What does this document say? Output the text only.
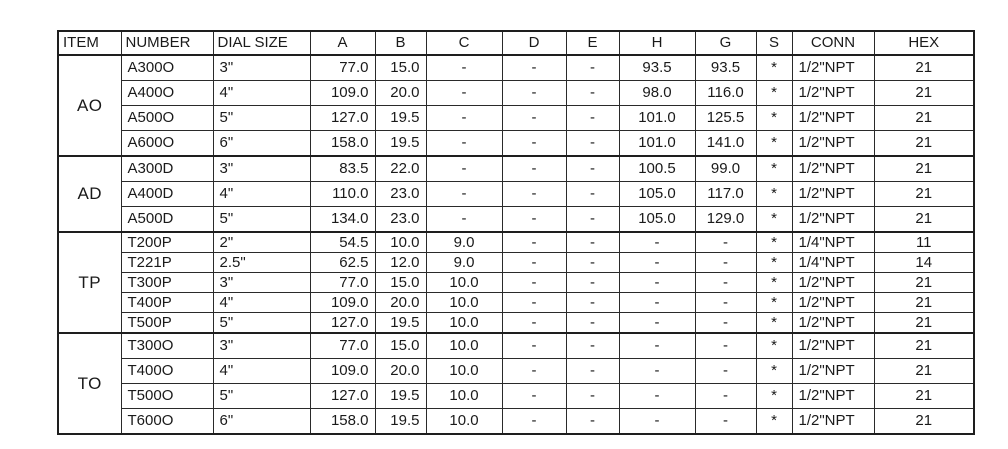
ITEM	NUMBER	DIAL SIZE	A	B	C	D	E	H	G	S	CONN	HEX
AO	A300O	3"	77.0	15.0	-	-	-	93.5	93.5	*	1/2"NPT	21
	A400O	4"	109.0	20.0	-	-	-	98.0	116.0	*	1/2"NPT	21
	A500O	5"	127.0	19.5	-	-	-	101.0	125.5	*	1/2"NPT	21
	A600O	6"	158.0	19.5	-	-	-	101.0	141.0	*	1/2"NPT	21
AD	A300D	3"	83.5	22.0	-	-	-	100.5	99.0	*	1/2"NPT	21
	A400D	4"	110.0	23.0	-	-	-	105.0	117.0	*	1/2"NPT	21
	A500D	5"	134.0	23.0	-	-	-	105.0	129.0	*	1/2"NPT	21
TP	T200P	2"	54.5	10.0	9.0	-	-	-	-	*	1/4"NPT	11
	T221P	2.5"	62.5	12.0	9.0	-	-	-	-	*	1/4"NPT	14
	T300P	3"	77.0	15.0	10.0	-	-	-	-	*	1/2"NPT	21
	T400P	4"	109.0	20.0	10.0	-	-	-	-	*	1/2"NPT	21
	T500P	5"	127.0	19.5	10.0	-	-	-	-	*	1/2"NPT	21
TO	T300O	3"	77.0	15.0	10.0	-	-	-	-	*	1/2"NPT	21
	T400O	4"	109.0	20.0	10.0	-	-	-	-	*	1/2"NPT	21
	T500O	5"	127.0	19.5	10.0	-	-	-	-	*	1/2"NPT	21
	T600O	6"	158.0	19.5	10.0	-	-	-	-	*	1/2"NPT	21
